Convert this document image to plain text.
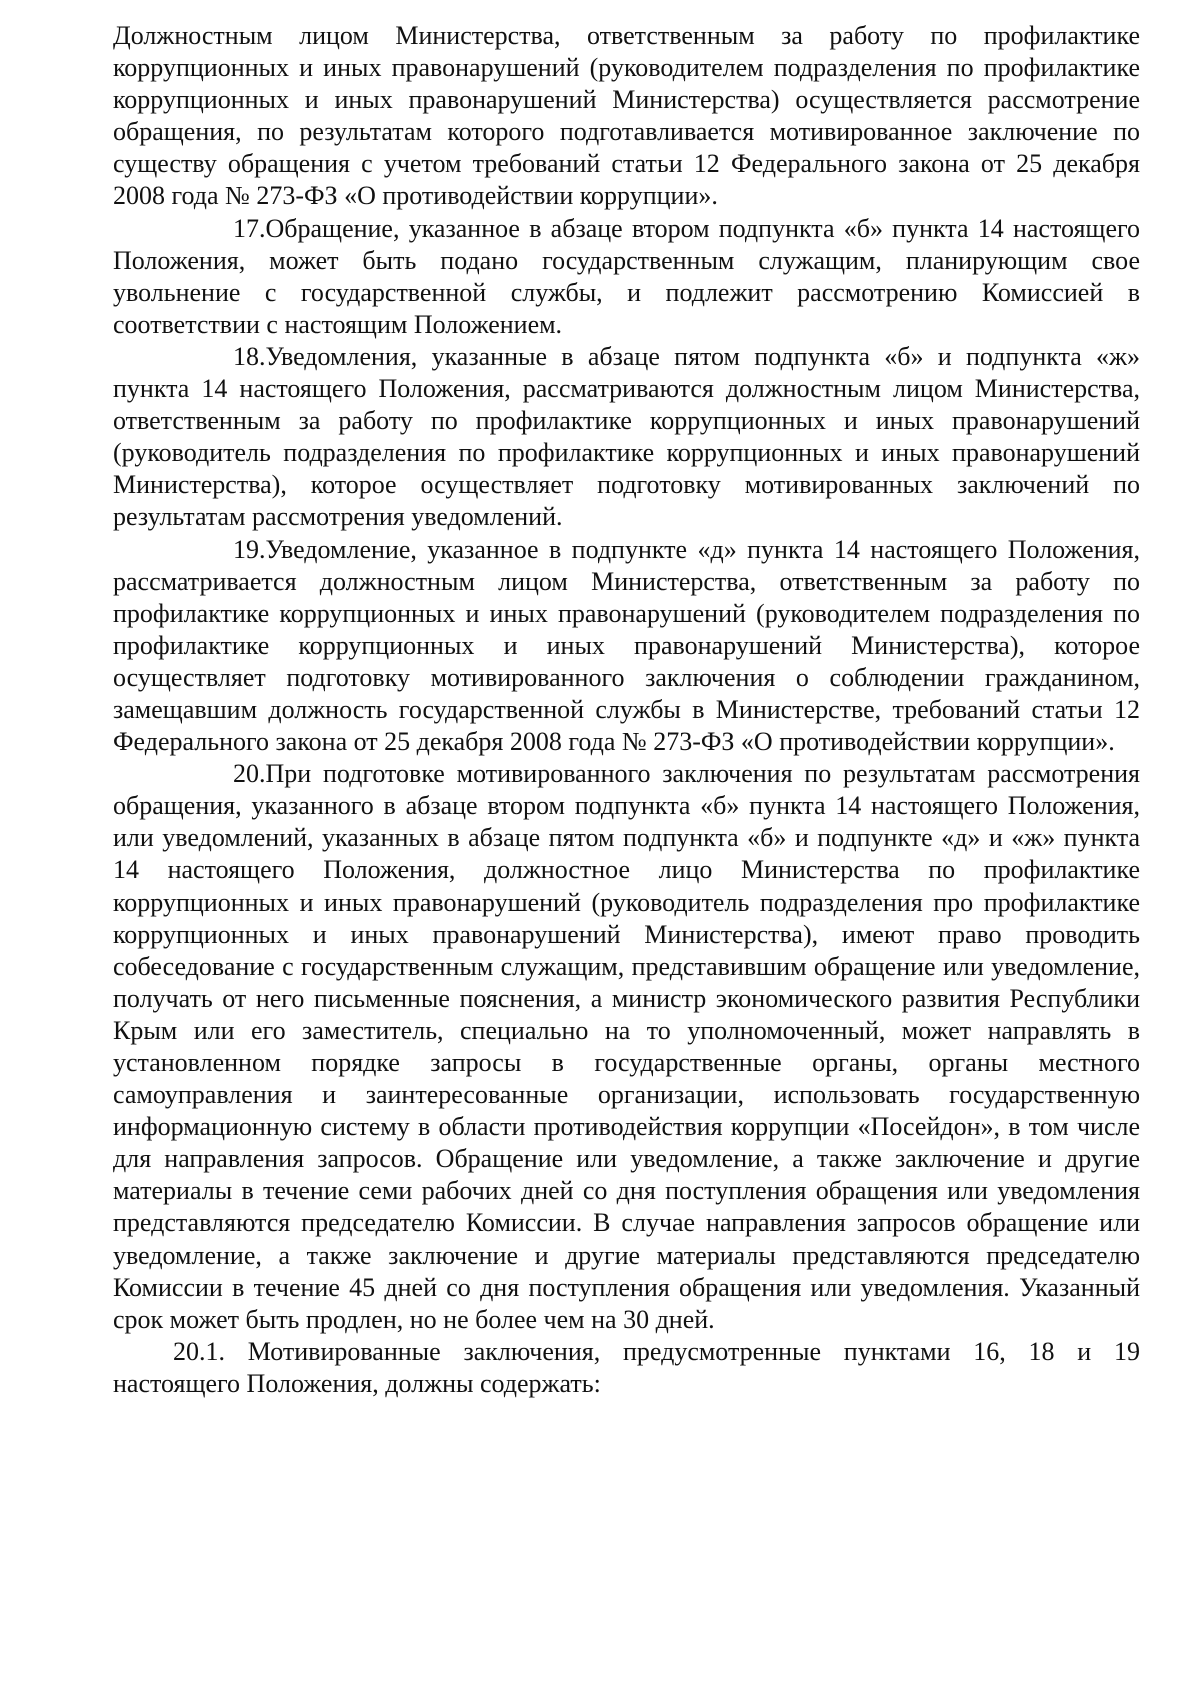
Должностным лицом Министерства, ответственным за работу по профилактике коррупционных и иных правонарушений (руководителем подразделения по профилактике коррупционных и иных правонарушений Министерства) осуществляется рассмотрение обращения, по результатам которого подготавливается мотивированное заключение по существу обращения с учетом требований статьи 12 Федерального закона от 25 декабря 2008 года № 273-ФЗ «О противодействии коррупции».

17.Обращение, указанное в абзаце втором подпункта «б» пункта 14 настоящего Положения, может быть подано государственным служащим, планирующим свое увольнение с государственной службы, и подлежит рассмотрению Комиссией в соответствии с настоящим Положением.

18.Уведомления, указанные в абзаце пятом подпункта «б» и подпункта «ж» пункта 14 настоящего Положения, рассматриваются должностным лицом Министерства, ответственным за работу по профилактике коррупционных и иных правонарушений (руководитель подразделения по профилактике коррупционных и иных правонарушений Министерства), которое осуществляет подготовку мотивированных заключений по результатам рассмотрения уведомлений.

19.Уведомление, указанное в подпункте «д» пункта 14 настоящего Положения, рассматривается должностным лицом Министерства, ответственным за работу по профилактике коррупционных и иных правонарушений (руководителем подразделения по профилактике коррупционных и иных правонарушений Министерства), которое осуществляет подготовку мотивированного заключения о соблюдении гражданином, замещавшим должность государственной службы в Министерстве, требований статьи 12 Федерального закона от 25 декабря 2008 года № 273-ФЗ «О противодействии коррупции».

20.При подготовке мотивированного заключения по результатам рассмотрения обращения, указанного в абзаце втором подпункта «б» пункта 14 настоящего Положения, или уведомлений, указанных в абзаце пятом подпункта «б» и подпункте «д» и «ж» пункта 14 настоящего Положения, должностное лицо Министерства по профилактике коррупционных и иных правонарушений (руководитель подразделения про профилактике коррупционных и иных правонарушений Министерства), имеют право проводить собеседование с государственным служащим, представившим обращение или уведомление, получать от него письменные пояснения, а министр экономического развития Республики Крым или его заместитель, специально на то уполномоченный, может направлять в установленном порядке запросы в государственные органы, органы местного самоуправления и заинтересованные организации, использовать государственную информационную систему в области противодействия коррупции «Посейдон», в том числе для направления запросов. Обращение или уведомление, а также заключение и другие материалы в течение семи рабочих дней со дня поступления обращения или уведомления представляются председателю Комиссии. В случае направления запросов обращение или уведомление, а также заключение и другие материалы представляются председателю Комиссии в течение 45 дней со дня поступления обращения или уведомления. Указанный срок может быть продлен, но не более чем на 30 дней.

20.1. Мотивированные заключения, предусмотренные пунктами 16, 18 и 19 настоящего Положения, должны содержать:
